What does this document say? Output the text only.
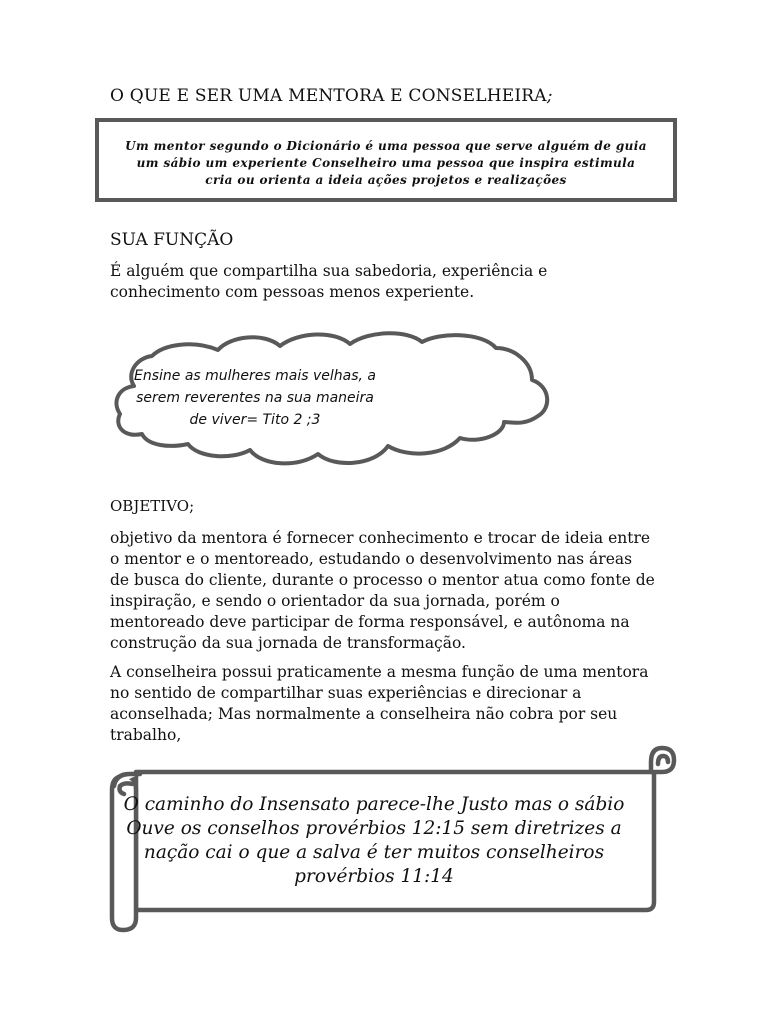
O QUE E SER UMA MENTORA E CONSELHEIRA;
Um mentor segundo o Dicionário é uma pessoa que serve alguém de guia
um sábio um experiente Conselheiro uma pessoa que inspira estimula
cria ou orienta a ideia ações projetos e realizações
SUA FUNÇÃO
É alguém que compartilha sua sabedoria, experiência e
conhecimento com pessoas menos experiente.
Ensine as mulheres mais velhas, a
serem reverentes na sua maneira
de viver= Tito 2 ;3
OBJETIVO;
objetivo da mentora é fornecer conhecimento e trocar de ideia entre
o mentor e o mentoreado, estudando o desenvolvimento nas áreas
de busca do cliente, durante o processo o mentor atua como fonte de
inspiração, e sendo o orientador da sua jornada, porém o
mentoreado deve participar de forma responsável, e autônoma na
construção da sua jornada de transformação.
A conselheira possui praticamente a mesma função de uma mentora
no sentido de compartilhar suas experiências e direcionar a
aconselhada; Mas normalmente a conselheira não cobra por seu
trabalho,
O caminho do Insensato parece-lhe Justo mas o sábio
Ouve os conselhos provérbios 12:15 sem diretrizes a
nação cai o que a salva é ter muitos conselheiros
provérbios 11:14
